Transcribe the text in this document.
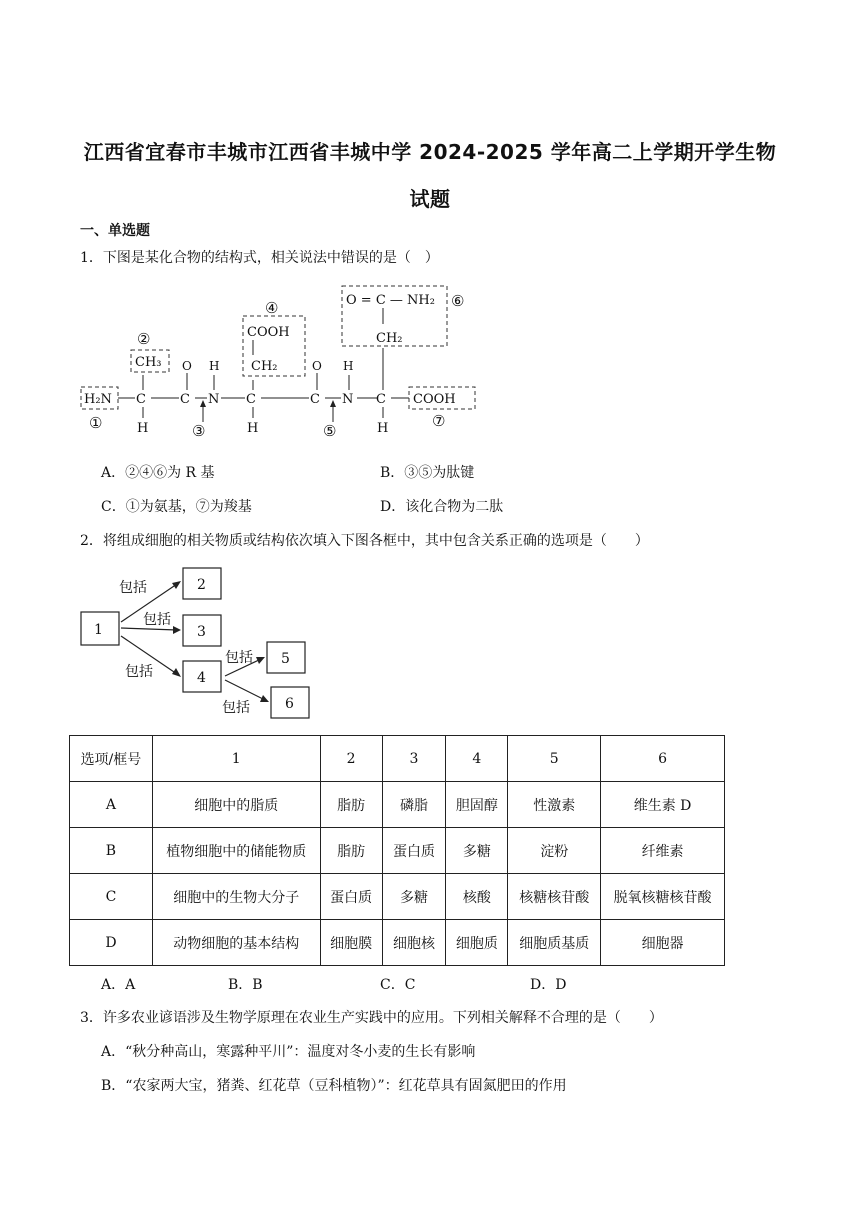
江西省宜春市丰城市江西省丰城中学 2024-2025 学年高二上学期开学生物
试题
一、单选题
1．下图是某化合物的结构式，相关说法中错误的是（　）
H₂N C
H
CH₃
C
O
N
H
C
H
COOH
CH₂
C
O
N
H
C
H
O = C — NH₂
CH₂
COOH
①
②
③
④
⑤
⑥
⑦
A．②④⑥为 R 基	B．③⑤为肽键
C．①为氨基，⑦为羧基	D．该化合物为二肽
2．将组成细胞的相关物质或结构依次填入下图各框中，其中包含关系正确的选项是（　　）
1
2
3
4
5
6
包括
包括
包括
包括
包括
选项/框号	1	2	3	4	5	6
A	细胞中的脂质	脂肪	磷脂	胆固醇	性激素	维生素 D
B	植物细胞中的储能物质	脂肪	蛋白质	多糖	淀粉	纤维素
C	细胞中的生物大分子	蛋白质	多糖	核酸	核糖核苷酸	脱氧核糖核苷酸
D	动物细胞的基本结构	细胞膜	细胞核	细胞质	细胞质基质	细胞器
A．A	B．B	C．C	D．D
3．许多农业谚语涉及生物学原理在农业生产实践中的应用。下列相关解释不合理的是（　　）
A．“秋分种高山，寒露种平川”：温度对冬小麦的生长有影响
B．“农家两大宝，猪粪、红花草（豆科植物）”：红花草具有固氮肥田的作用
